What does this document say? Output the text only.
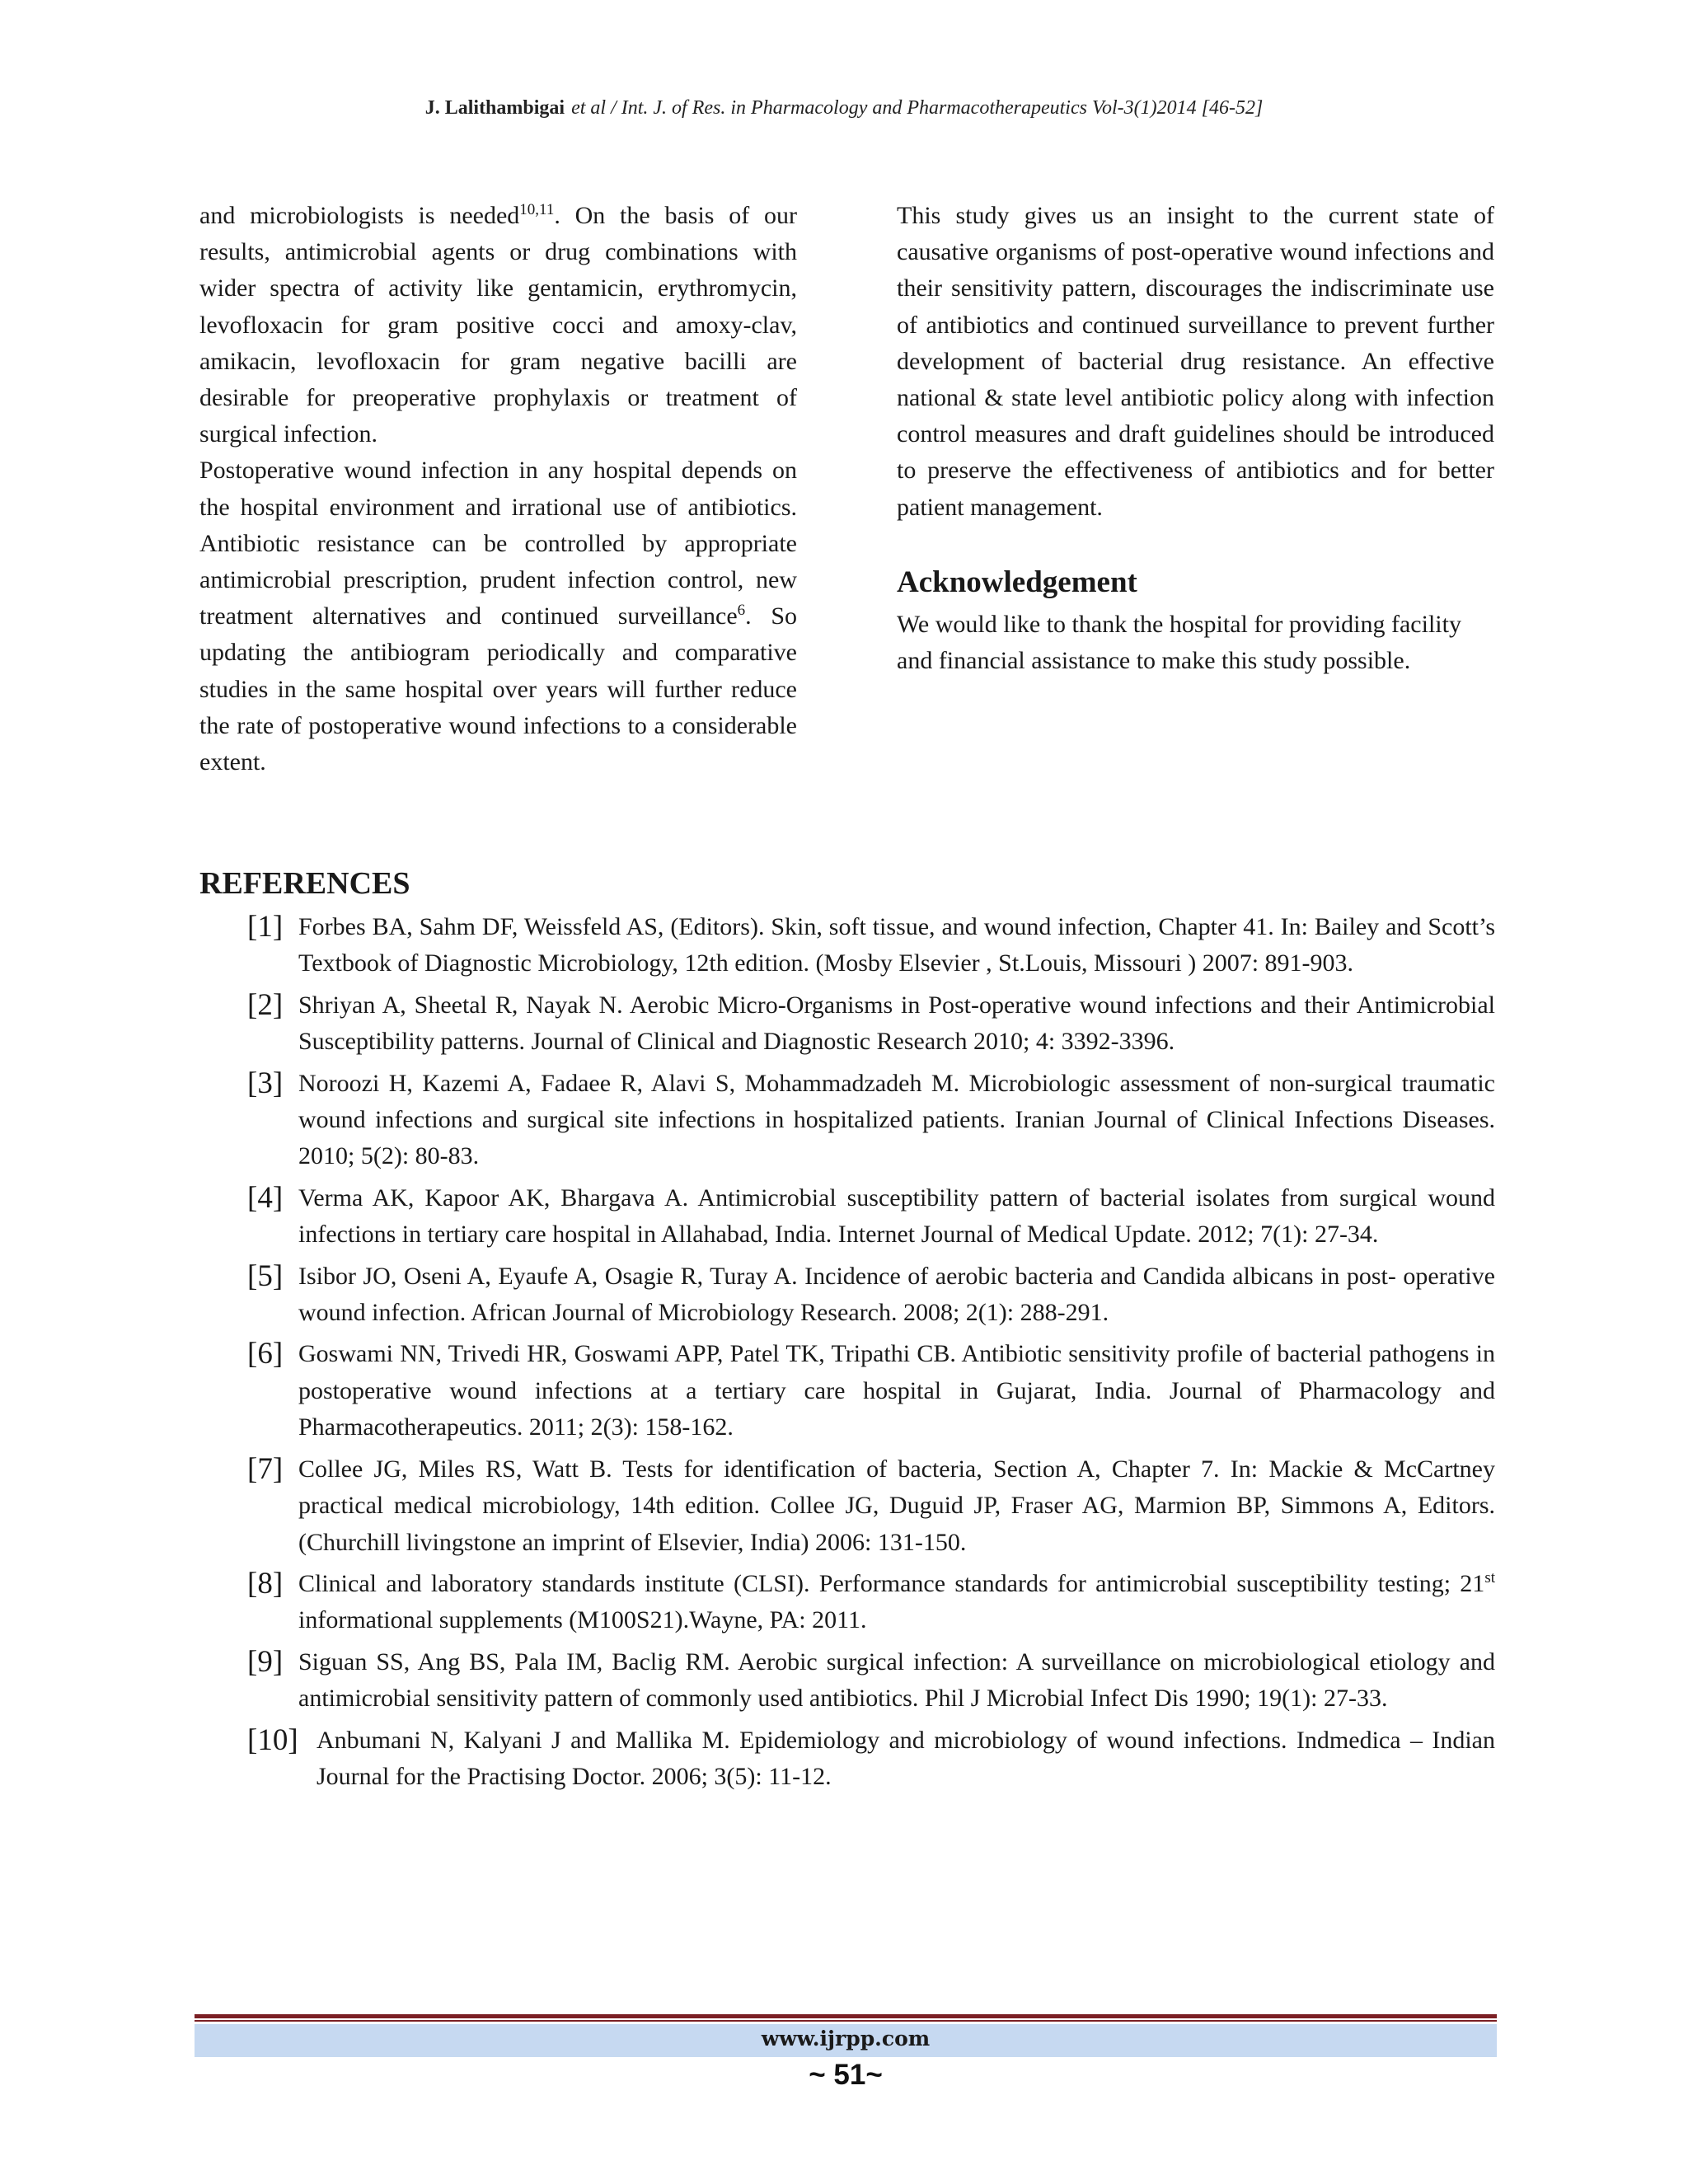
J. Lalithambigai et al / Int. J. of Res. in Pharmacology and Pharmacotherapeutics Vol-3(1)2014 [46-52]

and microbiologists is needed$^{10,11}$. On the basis of our results, antimicrobial agents or drug combinations with wider spectra of activity like gentamicin, erythromycin, levofloxacin for gram positive cocci and amoxy-clav, amikacin, levofloxacin for gram negative bacilli are desirable for preoperative prophylaxis or treatment of surgical infection.

Postoperative wound infection in any hospital depends on the hospital environment and irrational use of antibiotics. Antibiotic resistance can be controlled by appropriate antimicrobial prescription, prudent infection control, new treatment alternatives and continued surveillance$^6$. So updating the antibiogram periodically and comparative studies in the same hospital over years will further reduce the rate of postoperative wound infections to a considerable extent.

This study gives us an insight to the current state of causative organisms of post-operative wound infections and their sensitivity pattern, discourages the indiscriminate use of antibiotics and continued surveillance to prevent further development of bacterial drug resistance. An effective national & state level antibiotic policy along with infection control measures and draft guidelines should be introduced to preserve the effectiveness of antibiotics and for better patient management.

Acknowledgement

We would like to thank the hospital for providing facility and financial assistance to make this study possible.

REFERENCES
[1] Forbes BA, Sahm DF, Weissfeld AS, (Editors). Skin, soft tissue, and wound infection, Chapter 41. In: Bailey and Scott’s Textbook of Diagnostic Microbiology, 12th edition. (Mosby Elsevier , St.Louis, Missouri ) 2007: 891-903.
[2] Shriyan A, Sheetal R, Nayak N. Aerobic Micro-Organisms in Post-operative wound infections and their Antimicrobial Susceptibility patterns. Journal of Clinical and Diagnostic Research 2010; 4: 3392-3396.
[3] Noroozi H, Kazemi A, Fadaee R, Alavi S, Mohammadzadeh M. Microbiologic assessment of non-surgical traumatic wound infections and surgical site infections in hospitalized patients. Iranian Journal of Clinical Infections Diseases. 2010; 5(2): 80-83.
[4] Verma AK, Kapoor AK, Bhargava A. Antimicrobial susceptibility pattern of bacterial isolates from surgical wound infections in tertiary care hospital in Allahabad, India. Internet Journal of Medical Update. 2012; 7(1): 27-34.
[5] Isibor JO, Oseni A, Eyaufe A, Osagie R, Turay A. Incidence of aerobic bacteria and Candida albicans in post- operative wound infection. African Journal of Microbiology Research. 2008; 2(1): 288-291.
[6] Goswami NN, Trivedi HR, Goswami APP, Patel TK, Tripathi CB. Antibiotic sensitivity profile of bacterial pathogens in postoperative wound infections at a tertiary care hospital in Gujarat, India. Journal of Pharmacology and Pharmacotherapeutics. 2011; 2(3): 158-162.
[7] Collee JG, Miles RS, Watt B. Tests for identification of bacteria, Section A, Chapter 7. In: Mackie & McCartney practical medical microbiology, 14th edition. Collee JG, Duguid JP, Fraser AG, Marmion BP, Simmons A, Editors. (Churchill livingstone an imprint of Elsevier, India) 2006: 131-150.
[8] Clinical and laboratory standards institute (CLSI). Performance standards for antimicrobial susceptibility testing; 21st informational supplements (M100S21).Wayne, PA: 2011.
[9] Siguan SS, Ang BS, Pala IM, Baclig RM. Aerobic surgical infection: A surveillance on microbiological etiology and antimicrobial sensitivity pattern of commonly used antibiotics. Phil J Microbial Infect Dis 1990; 19(1): 27-33.
[10] Anbumani N, Kalyani J and Mallika M. Epidemiology and microbiology of wound infections. Indmedica – Indian Journal for the Practising Doctor. 2006; 3(5): 11-12.
www.ijrpp.com
~ 51~
